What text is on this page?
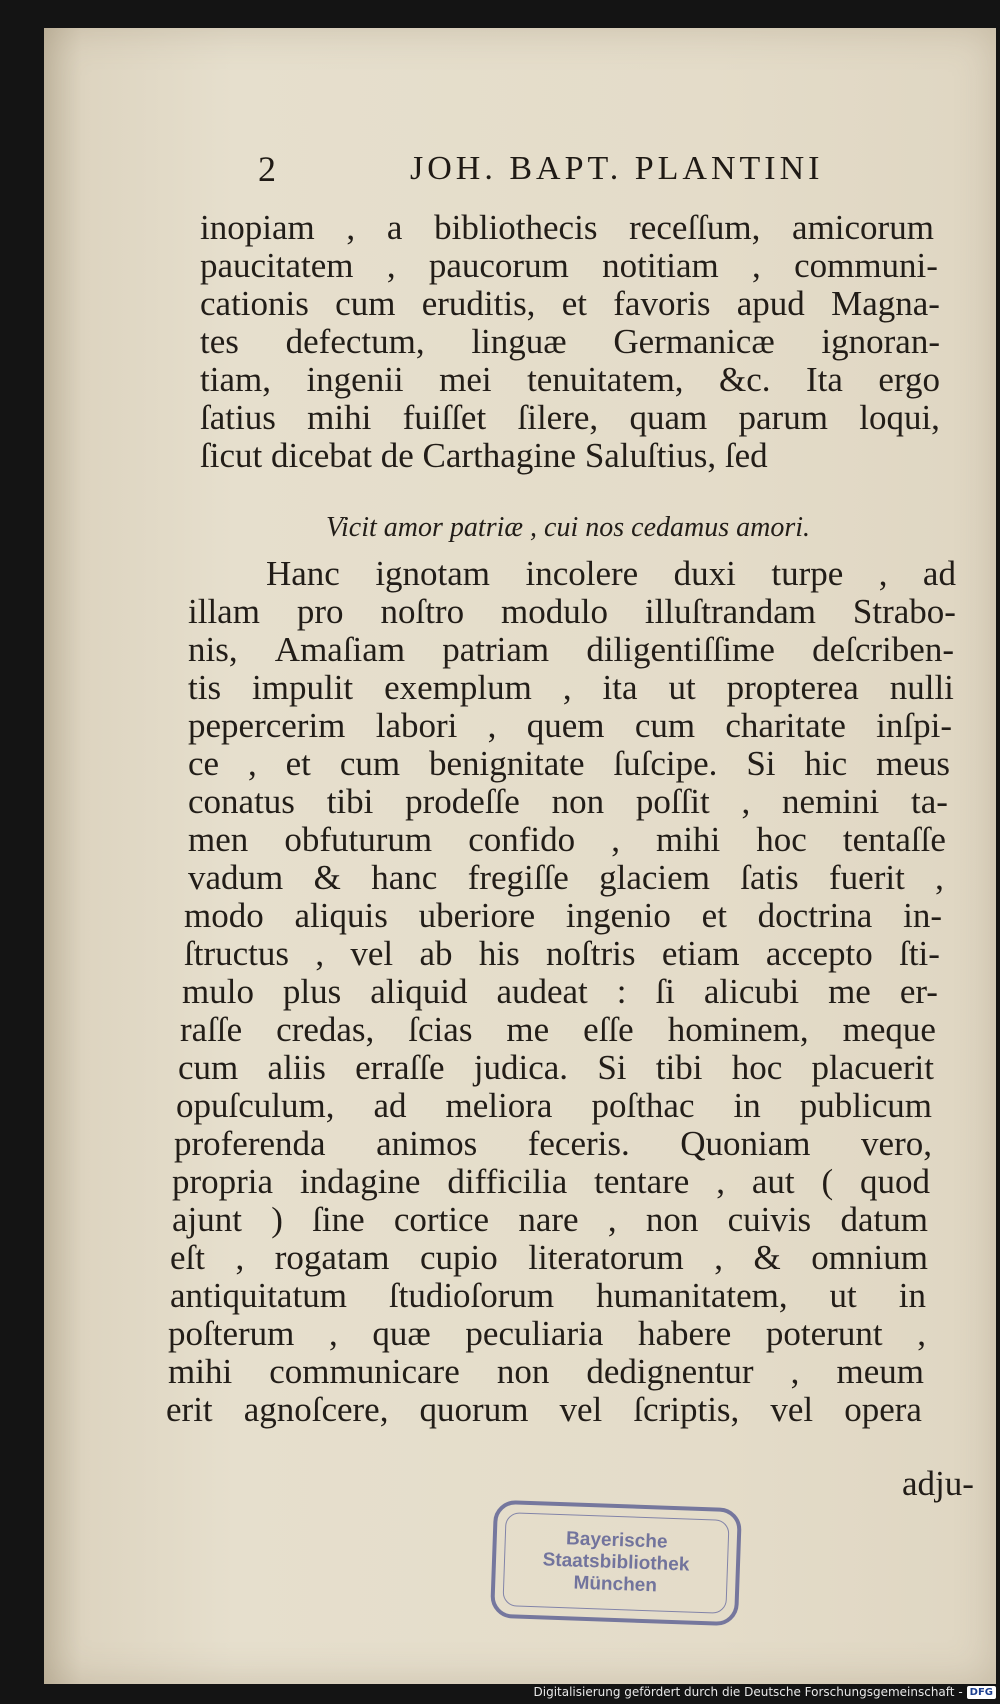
2	JOH. BAPT. PLANTINI
inopiam , a bibliothecis receſſum, amicorum
paucitatem , paucorum notitiam , communi-
cationis cum eruditis, et favoris apud Magna-
tes defectum, linguæ Germanicæ ignoran-
tiam, ingenii mei tenuitatem, &c. Ita ergo
ſatius mihi fuiſſet ſilere, quam parum loqui,
ſicut dicebat de Carthagine Saluſtius, ſed
Vicit amor patriæ , cui nos cedamus amori.
Hanc ignotam incolere duxi turpe , ad
illam pro noſtro modulo illuſtrandam Strabo-
nis, Amaſiam patriam diligentiſſime deſcriben-
tis impulit exemplum , ita ut propterea nulli
pepercerim labori , quem cum charitate inſpi-
ce , et cum benignitate ſuſcipe. Si hic meus
conatus tibi prodeſſe non poſſit , nemini ta-
men obfuturum confido , mihi hoc tentaſſe
vadum & hanc fregiſſe glaciem ſatis fuerit ,
modo aliquis uberiore ingenio et doctrina in-
ſtructus , vel ab his noſtris etiam accepto ſti-
mulo plus aliquid audeat : ſi alicubi me er-
raſſe credas, ſcias me eſſe hominem, meque
cum aliis erraſſe judica. Si tibi hoc placuerit
opuſculum, ad meliora poſthac in publicum
proferenda animos feceris. Quoniam vero,
propria indagine difficilia tentare , aut ( quod
ajunt ) ſine cortice nare , non cuivis datum
eſt , rogatam cupio literatorum , & omnium
antiquitatum ſtudioſorum humanitatem, ut in
poſterum , quæ peculiaria habere poterunt ,
mihi communicare non dedignentur , meum
erit agnoſcere, quorum vel ſcriptis, vel opera
adju-
Bayerische
Staatsbibliothek
München
Digitalisierung gefördert durch die Deutsche Forschungsgemeinschaft - DFG
